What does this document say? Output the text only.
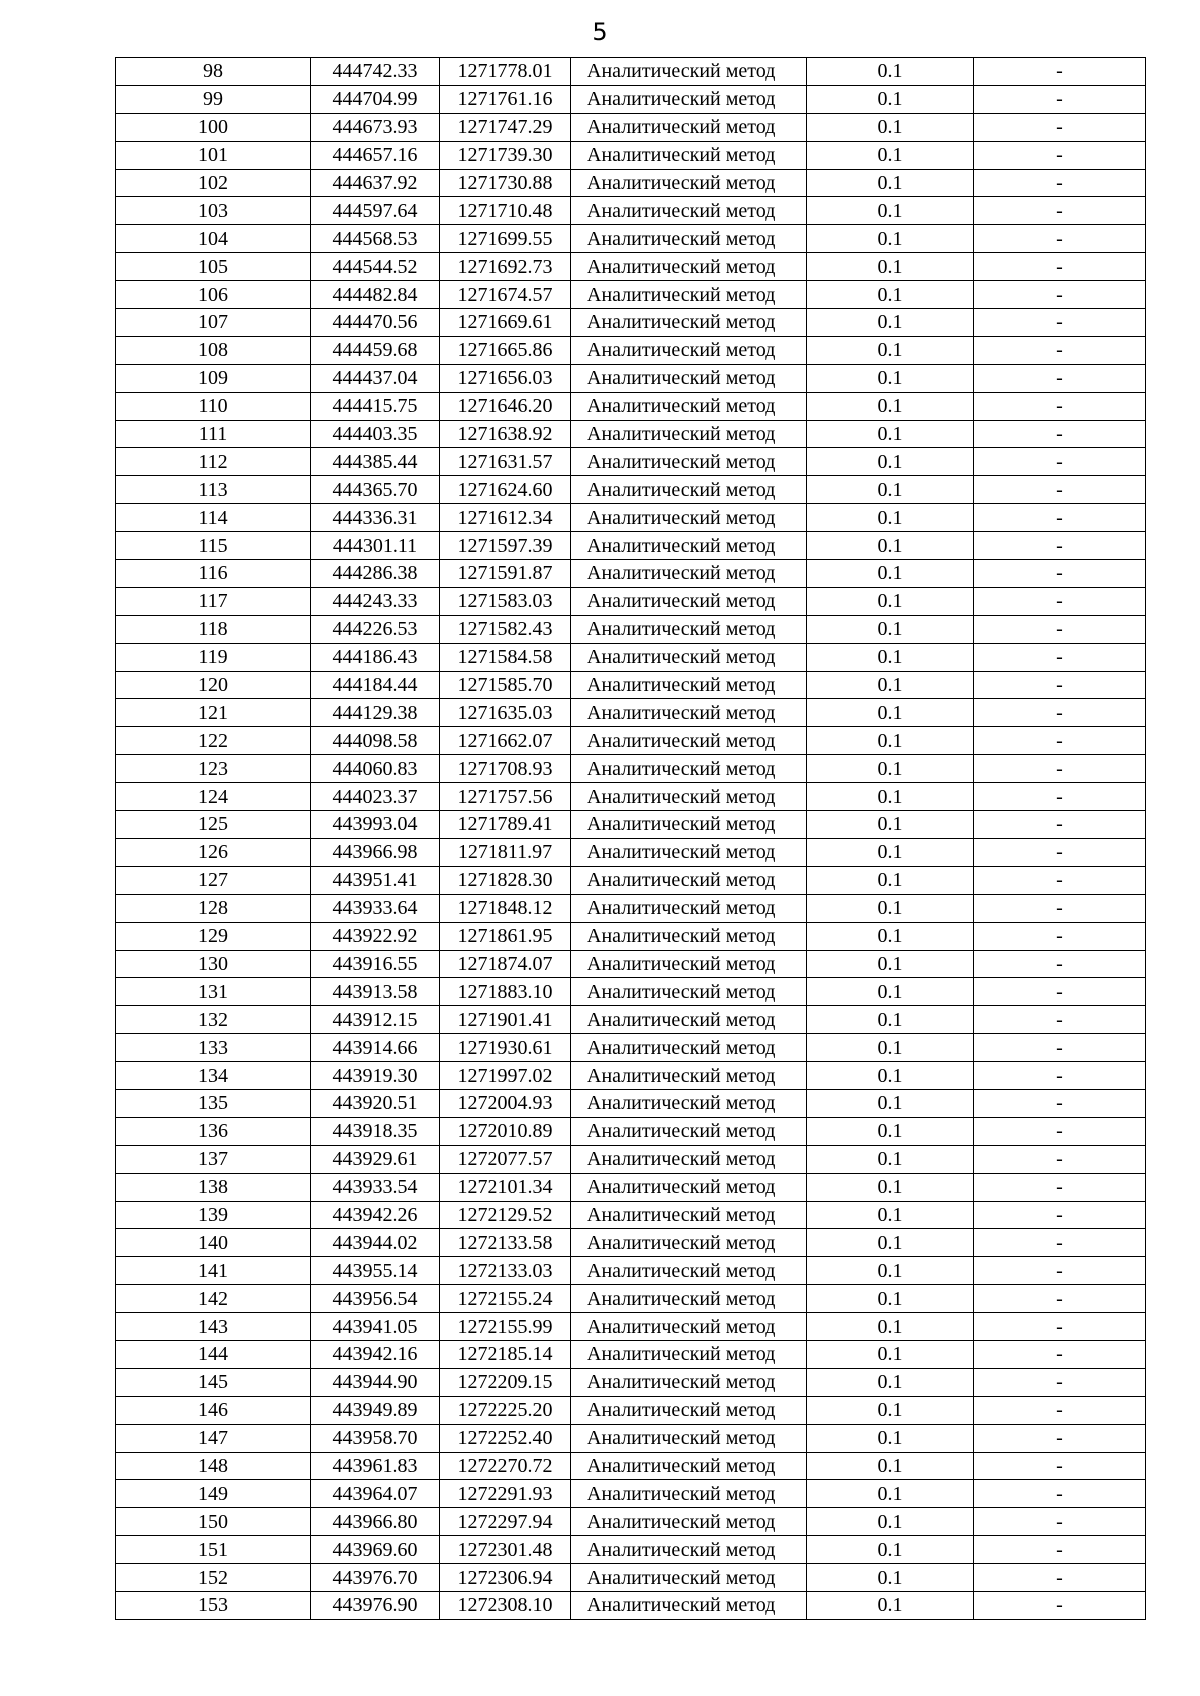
5
98	444742.33	1271778.01	Аналитический метод	0.1	-
99	444704.99	1271761.16	Аналитический метод	0.1	-
100	444673.93	1271747.29	Аналитический метод	0.1	-
101	444657.16	1271739.30	Аналитический метод	0.1	-
102	444637.92	1271730.88	Аналитический метод	0.1	-
103	444597.64	1271710.48	Аналитический метод	0.1	-
104	444568.53	1271699.55	Аналитический метод	0.1	-
105	444544.52	1271692.73	Аналитический метод	0.1	-
106	444482.84	1271674.57	Аналитический метод	0.1	-
107	444470.56	1271669.61	Аналитический метод	0.1	-
108	444459.68	1271665.86	Аналитический метод	0.1	-
109	444437.04	1271656.03	Аналитический метод	0.1	-
110	444415.75	1271646.20	Аналитический метод	0.1	-
111	444403.35	1271638.92	Аналитический метод	0.1	-
112	444385.44	1271631.57	Аналитический метод	0.1	-
113	444365.70	1271624.60	Аналитический метод	0.1	-
114	444336.31	1271612.34	Аналитический метод	0.1	-
115	444301.11	1271597.39	Аналитический метод	0.1	-
116	444286.38	1271591.87	Аналитический метод	0.1	-
117	444243.33	1271583.03	Аналитический метод	0.1	-
118	444226.53	1271582.43	Аналитический метод	0.1	-
119	444186.43	1271584.58	Аналитический метод	0.1	-
120	444184.44	1271585.70	Аналитический метод	0.1	-
121	444129.38	1271635.03	Аналитический метод	0.1	-
122	444098.58	1271662.07	Аналитический метод	0.1	-
123	444060.83	1271708.93	Аналитический метод	0.1	-
124	444023.37	1271757.56	Аналитический метод	0.1	-
125	443993.04	1271789.41	Аналитический метод	0.1	-
126	443966.98	1271811.97	Аналитический метод	0.1	-
127	443951.41	1271828.30	Аналитический метод	0.1	-
128	443933.64	1271848.12	Аналитический метод	0.1	-
129	443922.92	1271861.95	Аналитический метод	0.1	-
130	443916.55	1271874.07	Аналитический метод	0.1	-
131	443913.58	1271883.10	Аналитический метод	0.1	-
132	443912.15	1271901.41	Аналитический метод	0.1	-
133	443914.66	1271930.61	Аналитический метод	0.1	-
134	443919.30	1271997.02	Аналитический метод	0.1	-
135	443920.51	1272004.93	Аналитический метод	0.1	-
136	443918.35	1272010.89	Аналитический метод	0.1	-
137	443929.61	1272077.57	Аналитический метод	0.1	-
138	443933.54	1272101.34	Аналитический метод	0.1	-
139	443942.26	1272129.52	Аналитический метод	0.1	-
140	443944.02	1272133.58	Аналитический метод	0.1	-
141	443955.14	1272133.03	Аналитический метод	0.1	-
142	443956.54	1272155.24	Аналитический метод	0.1	-
143	443941.05	1272155.99	Аналитический метод	0.1	-
144	443942.16	1272185.14	Аналитический метод	0.1	-
145	443944.90	1272209.15	Аналитический метод	0.1	-
146	443949.89	1272225.20	Аналитический метод	0.1	-
147	443958.70	1272252.40	Аналитический метод	0.1	-
148	443961.83	1272270.72	Аналитический метод	0.1	-
149	443964.07	1272291.93	Аналитический метод	0.1	-
150	443966.80	1272297.94	Аналитический метод	0.1	-
151	443969.60	1272301.48	Аналитический метод	0.1	-
152	443976.70	1272306.94	Аналитический метод	0.1	-
153	443976.90	1272308.10	Аналитический метод	0.1	-
